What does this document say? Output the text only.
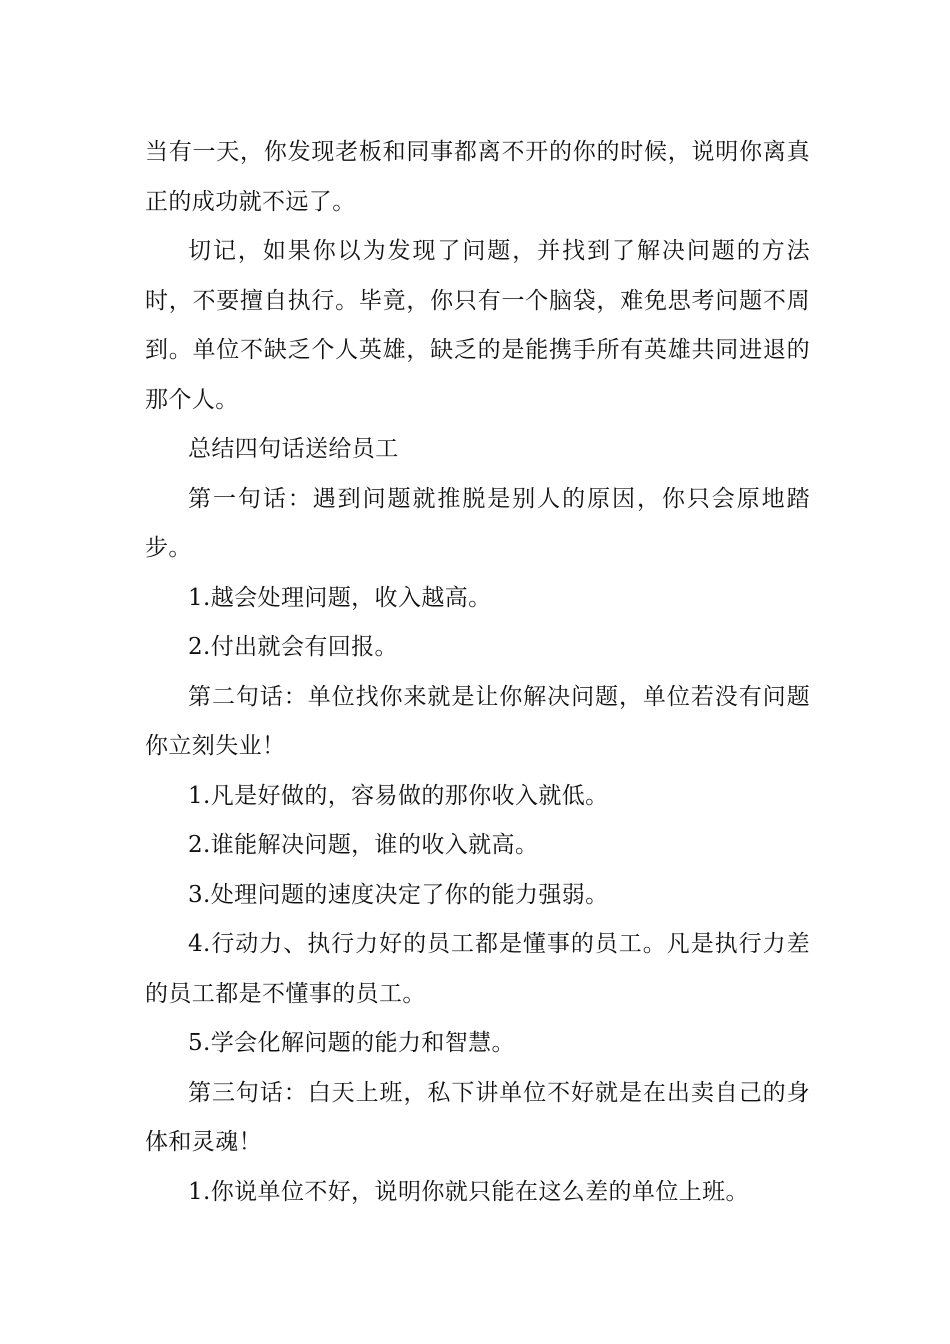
当有一天，你发现老板和同事都离不开的你的时候，说明你离真正的成功就不远了。

切记，如果你以为发现了问题，并找到了解决问题的方法时，不要擅自执行。毕竟，你只有一个脑袋，难免思考问题不周到。单位不缺乏个人英雄，缺乏的是能携手所有英雄共同进退的那个人。

总结四句话送给员工

第一句话：遇到问题就推脱是别人的原因，你只会原地踏步。

1.越会处理问题，收入越高。

2.付出就会有回报。

第二句话：单位找你来就是让你解决问题，单位若没有问题你立刻失业！

1.凡是好做的，容易做的那你收入就低。

2.谁能解决问题，谁的收入就高。

3.处理问题的速度决定了你的能力强弱。

4.行动力、执行力好的员工都是懂事的员工。凡是执行力差的员工都是不懂事的员工。

5.学会化解问题的能力和智慧。

第三句话：白天上班，私下讲单位不好就是在出卖自己的身体和灵魂！

1.你说单位不好，说明你就只能在这么差的单位上班。
